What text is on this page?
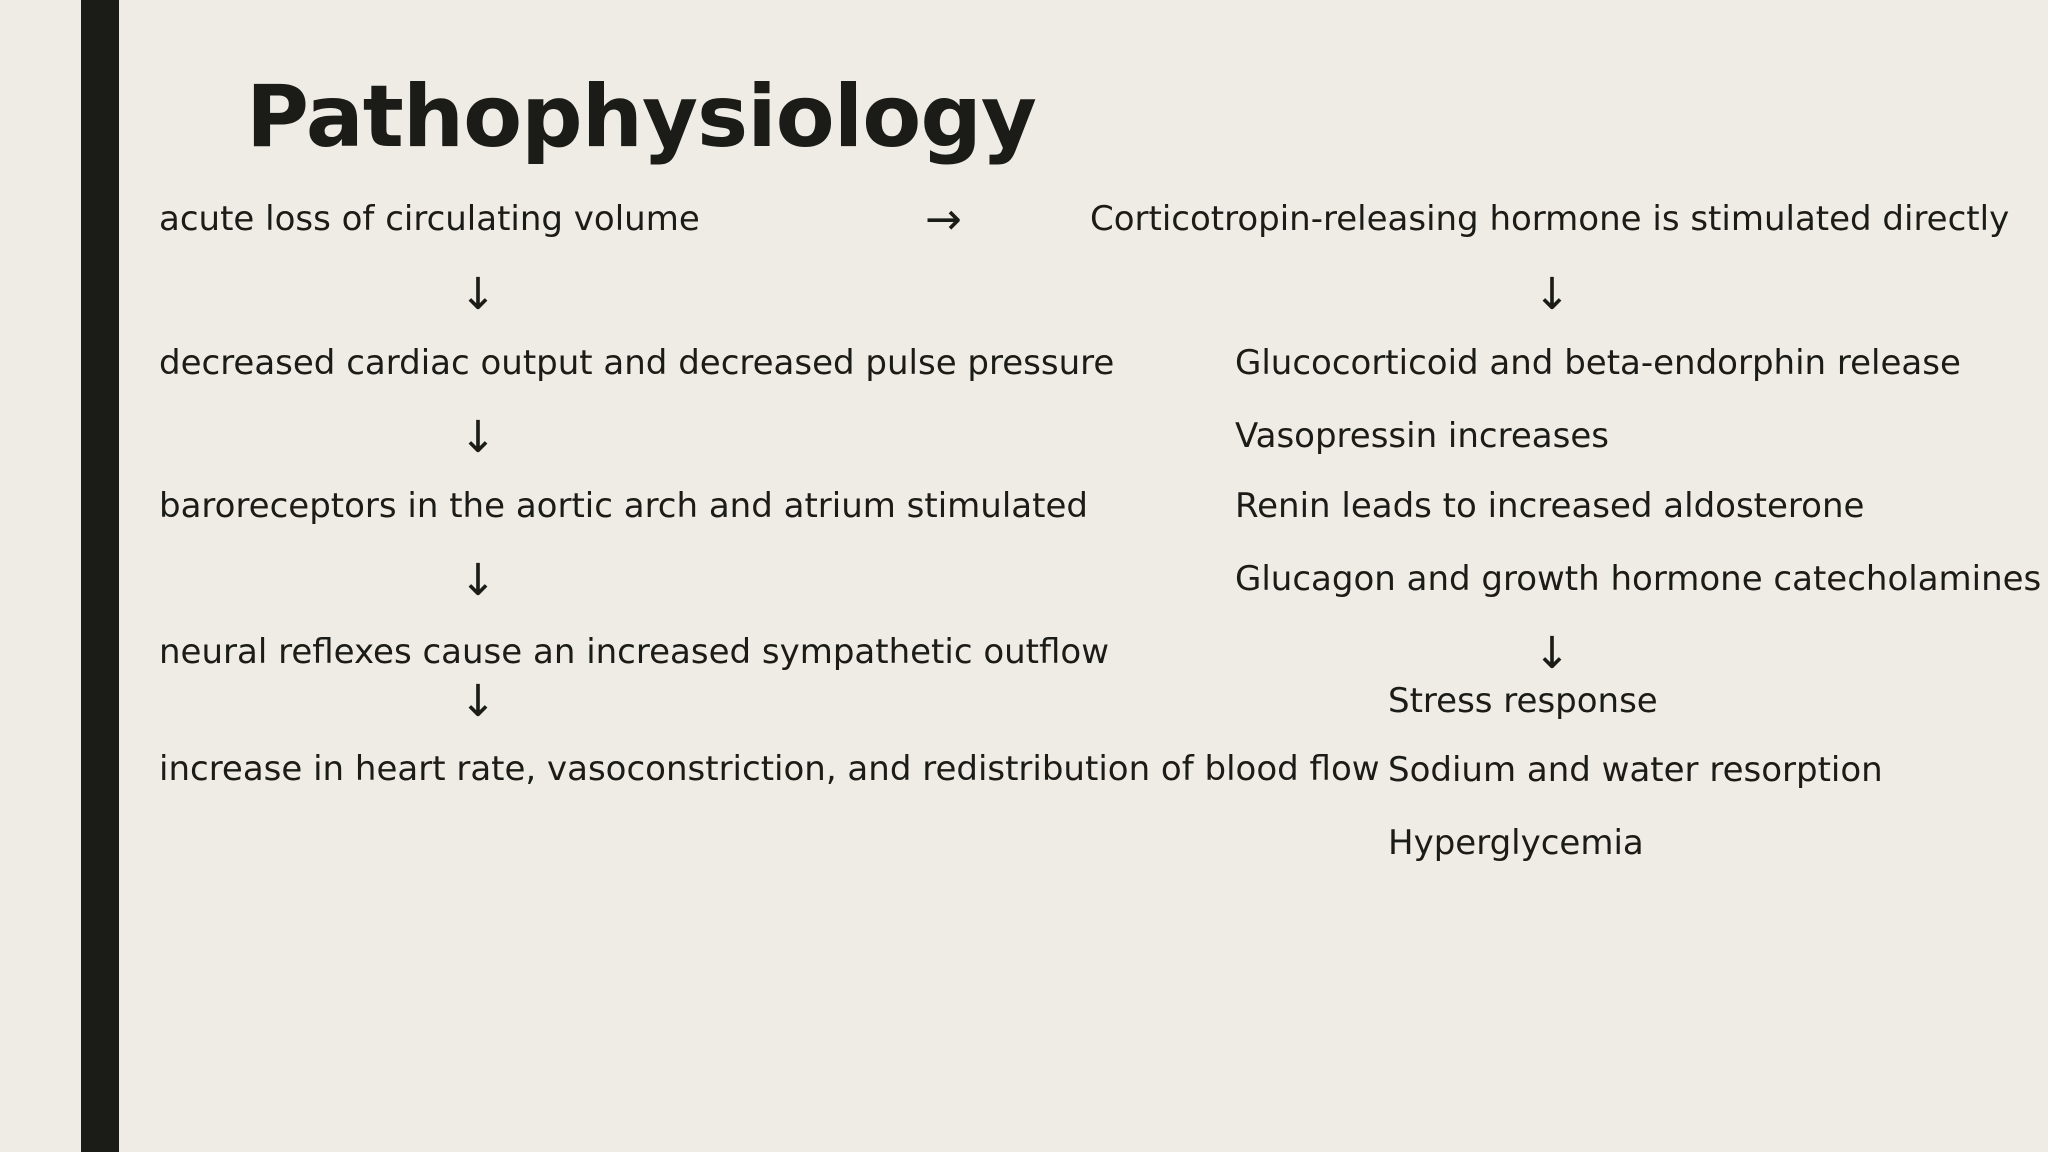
Pathophysiology
acute loss of circulating volume
↓
decreased cardiac output and decreased pulse pressure
↓
baroreceptors in the aortic arch and atrium stimulated
↓
neural reflexes cause an increased sympathetic outflow
↓
increase in heart rate, vasoconstriction, and redistribution of blood flow
→	Corticotropin-releasing hormone is stimulated directly
↓
Glucocorticoid and beta-endorphin release
Vasopressin increases
Renin leads to increased aldosterone
Glucagon and growth hormone catecholamines
↓
Stress response
Sodium and water resorption
Hyperglycemia
